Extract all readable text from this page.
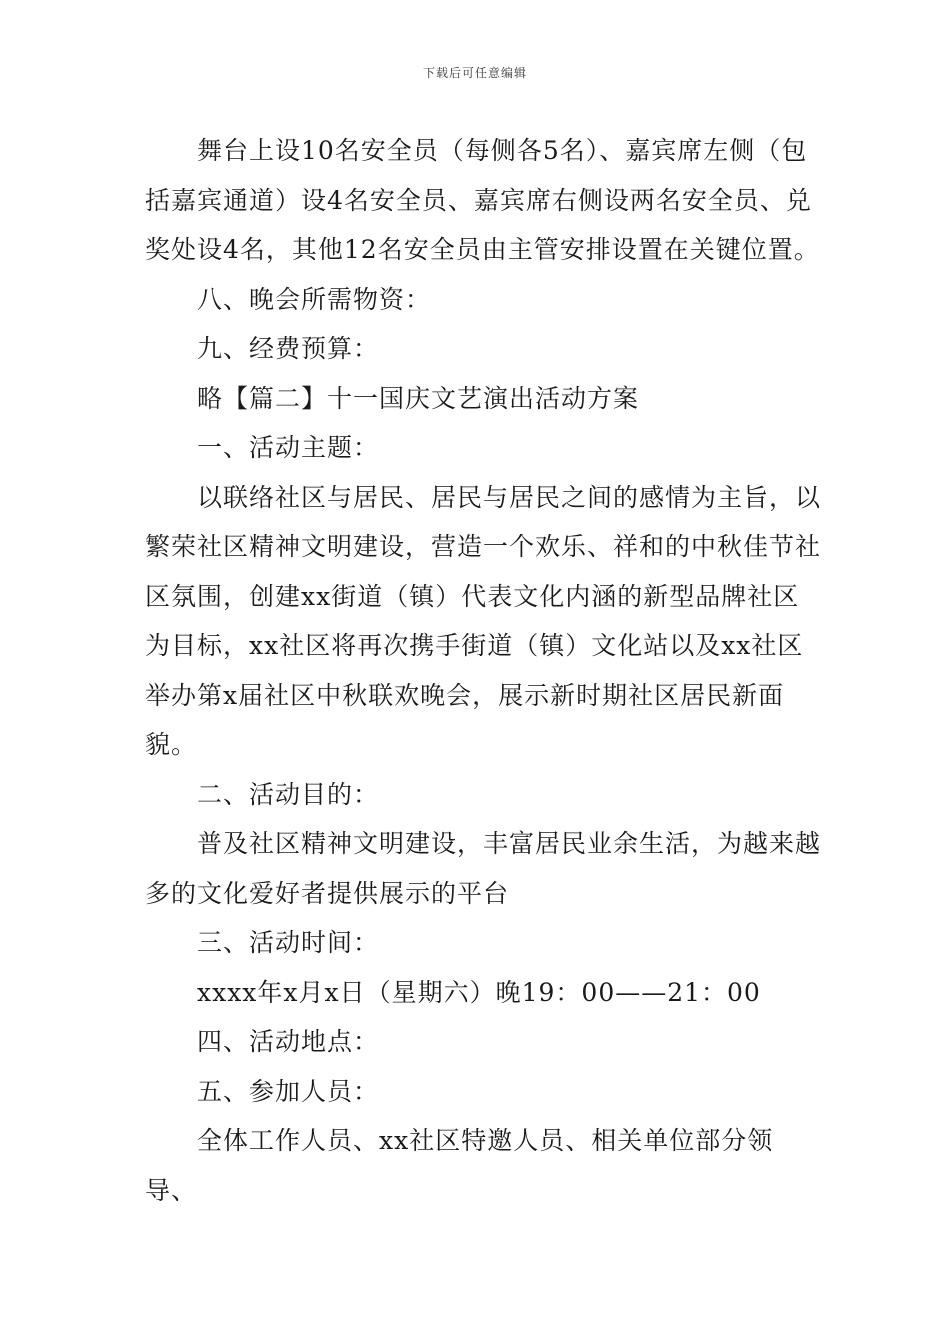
下载后可任意编辑

舞台上设10名安全员（每侧各5名）、嘉宾席左侧（包括嘉宾通道）设4名安全员、嘉宾席右侧设两名安全员、兑奖处设4名，其他12名安全员由主管安排设置在关键位置。

八、晚会所需物资：

九、经费预算：

略【篇二】十一国庆文艺演出活动方案

一、活动主题：

以联络社区与居民、居民与居民之间的感情为主旨，以繁荣社区精神文明建设，营造一个欢乐、祥和的中秋佳节社区氛围，创建xx街道（镇）代表文化内涵的新型品牌社区为目标，xx社区将再次携手街道（镇）文化站以及xx社区举办第x届社区中秋联欢晚会，展示新时期社区居民新面貌。

二、活动目的：

普及社区精神文明建设，丰富居民业余生活，为越来越多的文化爱好者提供展示的平台

三、活动时间：

xxxx年x月x日（星期六）晚19：00——21：00

四、活动地点：

五、参加人员：

全体工作人员、xx社区特邀人员、相关单位部分领导、
